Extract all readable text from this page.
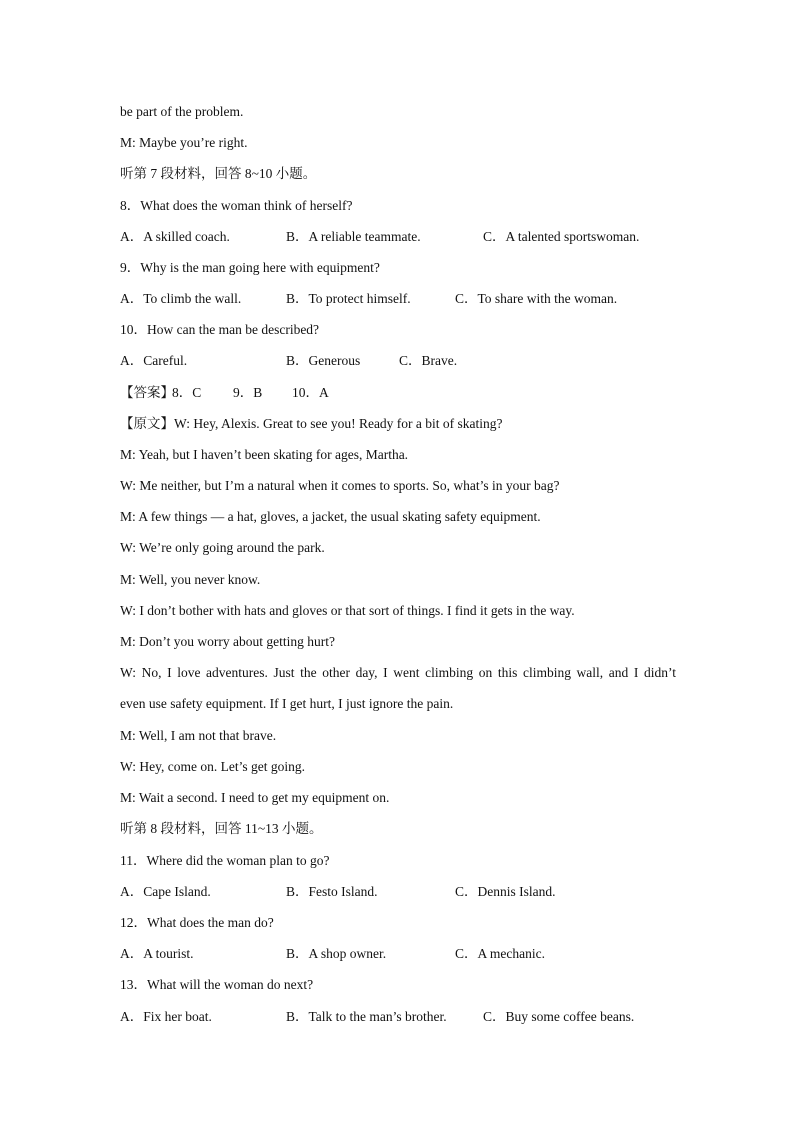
be part of the problem.
M: Maybe you’re right.
听第 7 段材料，回答 8~10 小题。
8．What does the woman think of herself?
A．A skilled coach.	B．A reliable teammate.	C．A talented sportswoman.
9．Why is the man going here with equipment?
A．To climb the wall.	B．To protect himself.	C．To share with the woman.
10．How can the man be described?
A．Careful.	B．Generous	C．Brave.
【答案】
8．C 9．B 10．A
【原文】W: Hey, Alexis. Great to see you! Ready for a bit of skating?
M: Yeah, but I haven’t been skating for ages, Martha.
W: Me neither, but I’m a natural when it comes to sports. So, what’s in your bag?
M: A few things — a hat, gloves, a jacket, the usual skating safety equipment.
W: We’re only going around the park.
M: Well, you never know.
W: I don’t bother with hats and gloves or that sort of things. I find it gets in the way.
M: Don’t you worry about getting hurt?
W: No, I love adventures. Just the other day, I went climbing on this climbing wall, and I didn’t
even use safety equipment. If I get hurt, I just ignore the pain.
M: Well, I am not that brave.
W: Hey, come on. Let’s get going.
M: Wait a second. I need to get my equipment on.
听第 8 段材料，回答 11~13 小题。
11．Where did the woman plan to go?
A．Cape Island.	B．Festo Island.	C．Dennis Island.
12．What does the man do?
A．A tourist.	B．A shop owner.	C．A mechanic.
13．What will the woman do next?
A．Fix her boat.	B．Talk to the man’s brother.	C．Buy some coffee beans.
